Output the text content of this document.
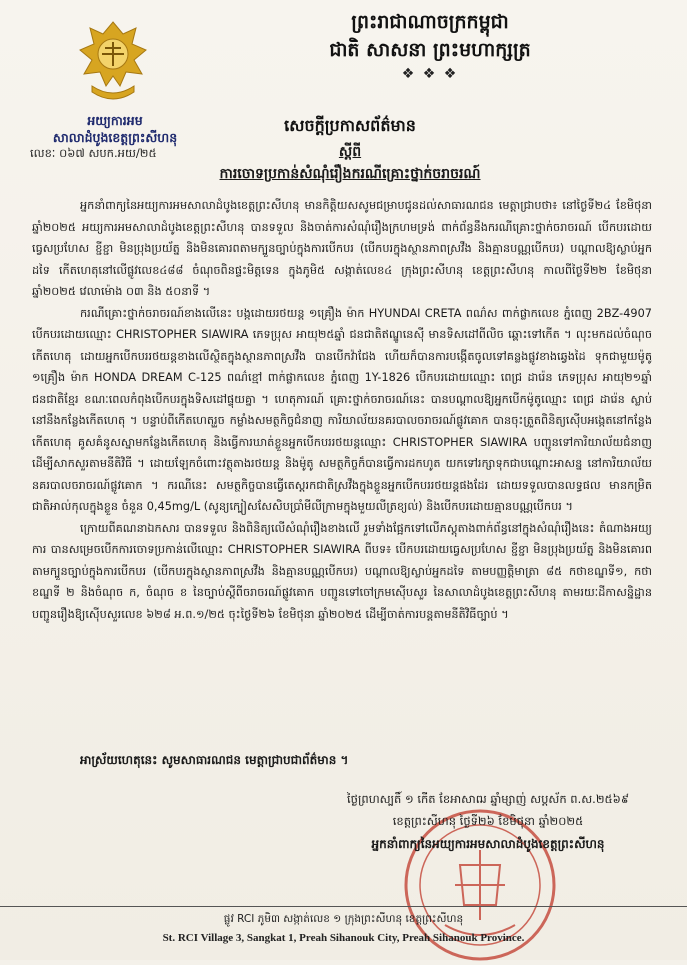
ព្រះរាជាណាចក្រកម្ពុជា
ជាតិ សាសនា ព្រះមហាក្សត្រ
❖ ❖ ❖
អយ្យការអម
សាលាដំបូងខេត្តព្រះសីហនុ
លេខៈ ០៦៧ សបក.អយ/២៥
សេចក្តីប្រកាសព័ត៌មាន
ស្តីពី
ការចោទប្រកាន់សំណុំរឿងករណីគ្រោះថ្នាក់ចរាចរណ៍

អ្នកនាំពាក្យនៃអយ្យការអមសាលាដំបូងខេត្តព្រះសីហនុ មានកិត្តិយសសូមជម្រាបជូនដល់សាធារណជន មេត្តាជ្រាបថា៖ នៅថ្ងៃទី២៤ ខែមិថុនា ឆ្នាំ២០២៥ អយ្យការអមសាលាដំបូងខេត្តព្រះសីហនុ បានទទួល និងចាត់ការសំណុំរឿងក្រហមទ្រង់ ពាក់ព័ន្ធនឹងករណីគ្រោះថ្នាក់ចរាចរណ៍ បើកបរដោយធ្វេសប្រហែស ខ្ជីខ្ជា មិនប្រុងប្រយ័ត្ន និងមិនគោរពតាមក្បួនច្បាប់ក្នុងការបើកបរ (បើកបរក្នុងស្ថានភាពស្រវឹង និងគ្មានបណ្ណបើកបរ) បណ្តាលឱ្យស្លាប់អ្នកដទៃ កើតហេតុនៅលើផ្លូវលេខ៤៨៨ ចំណុចពិនផ្ទះមិត្តទេន ក្នុងភូមិ៥ សង្កាត់លេខ៤ ក្រុងព្រះសីហនុ ខេត្តព្រះសីហនុ កាលពីថ្ងៃទី២២ ខែមិថុនា ឆ្នាំ២០២៥ វេលាម៉ោង ០៣ និង ៥០នាទី ។

ករណីគ្រោះថ្នាក់ចរាចរណ៍ខាងលើនេះ បង្កដោយរថយន្ត ១គ្រឿង ម៉ាក HYUNDAI CRETA ពណ៌ស ពាក់ផ្លាកលេខ ភ្នំពេញ 2BZ-4907 បើកបរដោយឈ្មោះ CHRISTOPHER SIAWIRA ភេទប្រុស អាយុ២៥ឆ្នាំ ជនជាតិឥណ្ឌូនេស៊ី មានទិសដៅពីលិច ឆ្ពោះទៅកើត ។ លុះមកដល់ចំណុចកើតហេតុ ដោយអ្នកបើកបររថយន្តខាងលើស្ថិតក្នុងស្ថានភាពស្រវឹង បានបើកវ៉ាជែង ហើយក៏បានការបង្កើតចូលទៅគន្លងផ្លូវខាងឆ្វេងដៃ ទុកជាមួយម៉ូតូ ១គ្រឿង ម៉ាក HONDA DREAM C-125 ពណ៌ខ្មៅ ពាក់ផ្លាកលេខ ភ្នំពេញ 1Y-1826 បើកបរដោយឈ្មោះ ពេជ្រ ដារ៉េន ភេទប្រុស អាយុ២១ឆ្នាំ ជនជាតិខ្មែរ ខណៈពេលកំពុងបើកបរក្នុងទិសដៅផ្ទុយគ្នា ។ ហេតុការណ៍ គ្រោះថ្នាក់ចរាចរណ៍នេះ បានបណ្តាលឱ្យអ្នកបើកម៉ូតូឈ្មោះ ពេជ្រ ដារ៉េន ស្លាប់នៅនឹងកន្លែងកើតហេតុ ។ បន្ទាប់ពីកើតហេតុរួច កម្លាំងសមត្ថកិច្ចជំនាញ ការិយាល័យនគរបាលចរាចរណ៍ផ្លូវគោក បានចុះត្រួតពិនិត្យស៊ើបអង្កេតនៅកន្លែងកើតហេតុ គូសគំនូសស្នាមកន្លែងកើតហេតុ និងធ្វើការឃាត់ខ្លួនអ្នកបើកបររថយន្តឈ្មោះ CHRISTOPHER SIAWIRA បញ្ជូនទៅការិយាល័យជំនាញ ដើម្បីសាកសួរតាមនីតិវិធី ។ ដោយឡែកចំពោះវត្ថុតាងរថយន្ត និងម៉ូតូ សមត្ថកិច្ចក៏បានធ្វើការដកហូត យកទៅរក្សាទុកជាបណ្តោះអាសន្ន នៅការិយាល័យនគរបាលចរាចរណ៍ផ្លូវគោក ។ ករណីនេះ សមត្ថកិច្ចបានធ្វើតេស្តរកជាតិស្រវឹងក្នុងខ្លួនអ្នកបើកបររថយន្តផងដែរ ដោយទទួលបានលទ្ធផល មានកម្រិតជាតិអាល់កុលក្នុងខ្លួន ចំនួន 0,45mg/L (សូន្យក្បៀសសែសិបប្រាំមីលីក្រាមក្នុងមួយលីត្រខ្យល់) និងបើកបរដោយគ្មានបណ្ណបើកបរ ។

ក្រោយពីគណនាឯកសារ បានទទួល និងពិនិត្យលើសំណុំរឿងខាងលើ រួមទាំងផ្អែកទៅលើភស្តុតាងពាក់ព័ន្ធនៅក្នុងសំណុំរឿងនេះ តំណាងអយ្យការ បានសម្រេចបើកការចោទប្រកាន់លើឈ្មោះ CHRISTOPHER SIAWIRA ពីបទ៖ បើកបរដោយធ្វេសប្រហែស ខ្ជីខ្ជា មិនប្រុងប្រយ័ត្ន និងមិនគោរពតាមក្បួនច្បាប់ក្នុងការបើកបរ (បើកបរក្នុងស្ថានភាពស្រវឹង និងគ្មានបណ្ណបើកបរ) បណ្តាលឱ្យស្លាប់អ្នកដទៃ តាមបញ្ញត្តិមាត្រា ៨៥ កថាខណ្ឌទី១, កថាខណ្ឌទី ២ និងចំណុច ក, ចំណុច ខ នៃច្បាប់ស្តីពីចរាចរណ៍ផ្លូវគោក បញ្ជូនទៅចៅក្រមស៊ើបសួរ នៃសាលាដំបូងខេត្តព្រះសីហនុ តាមរយៈដីកាសន្និដ្ឋានបញ្ជូនរឿងឱ្យស៊ើបសួរលេខ ៦២៨ អ.ព.១/២៥ ចុះថ្ងៃទី២៦ ខែមិថុនា ឆ្នាំ២០២៥ ដើម្បីចាត់ការបន្តតាមនីតិវិធីច្បាប់ ។

អាស្រ័យហេតុនេះ សូមសាធារណជន មេត្តាជ្រាបជាព័ត៌មាន ។
ថ្ងៃព្រហស្បតិ៍ ១ កើត ខែអាសាឍ ឆ្នាំម្សាញ់ សប្តស័ក ព.ស.២៥៦៩
ខេត្តព្រះសីហនុ ថ្ងៃទី២៦ ខែមិថុនា ឆ្នាំ២០២៥
អ្នកនាំពាក្យនៃអយ្យការអមសាលាដំបូងខេត្តព្រះសីហនុ
ផ្លូវ RCI ភូមិ៣ សង្កាត់លេខ ១ ក្រុងព្រះសីហនុ ខេត្តព្រះសីហនុ
St. RCI Village 3, Sangkat 1, Preah Sihanouk City, Preah Sihanouk Province.
